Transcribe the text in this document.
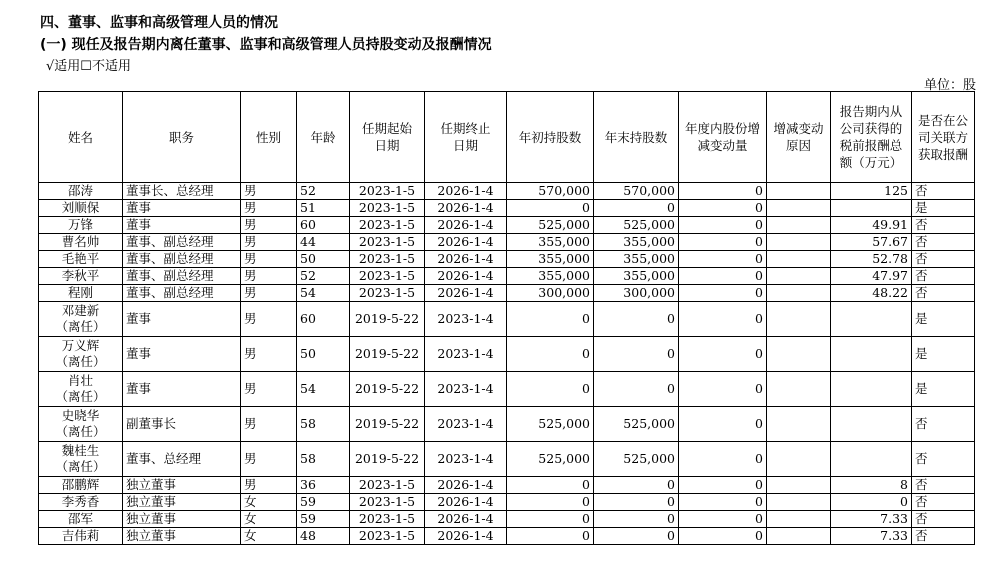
四、董事、监事和高级管理人员的情况
(一) 现任及报告期内离任董事、监事和高级管理人员持股变动及报酬情况
√适用☐不适用
单位：股
姓名	职务	性别	年龄	任期起始日期	任期终止日期	年初持股数	年末持股数	年度内股份增减变动量	增减变动原因	报告期内从公司获得的税前报酬总额（万元）	是否在公司关联方获取报酬
邵涛	董事长、总经理	男	52	2023-1-5	2026-1-4	570,000	570,000	0		125	否
刘顺保	董事	男	51	2023-1-5	2026-1-4	0	0	0			是
万锋	董事	男	60	2023-1-5	2026-1-4	525,000	525,000	0		49.91	否
曹名帅	董事、副总经理	男	44	2023-1-5	2026-1-4	355,000	355,000	0		57.67	否
毛艳平	董事、副总经理	男	50	2023-1-5	2026-1-4	355,000	355,000	0		52.78	否
李秋平	董事、副总经理	男	52	2023-1-5	2026-1-4	355,000	355,000	0		47.97	否
程刚	董事、副总经理	男	54	2023-1-5	2026-1-4	300,000	300,000	0		48.22	否

邓建新
（离任）	董事	男	60	2019-5-22	2023-1-4	0	0	0			是

万义辉
（离任）	董事	男	50	2019-5-22	2023-1-4	0	0	0			是

肖壮
（离任）	董事	男	54	2019-5-22	2023-1-4	0	0	0			是

史晓华
（离任）	副董事长	男	58	2019-5-22	2023-1-4	525,000	525,000	0			否

魏桂生
（离任）	董事、总经理	男	58	2019-5-22	2023-1-4	525,000	525,000	0			否
邵鹏辉	独立董事	男	36	2023-1-5	2026-1-4	0	0	0		8	否
李秀香	独立董事	女	59	2023-1-5	2026-1-4	0	0	0		0	否
邵军	独立董事	女	59	2023-1-5	2026-1-4	0	0	0		7.33	否
吉伟莉	独立董事	女	48	2023-1-5	2026-1-4	0	0	0		7.33	否
